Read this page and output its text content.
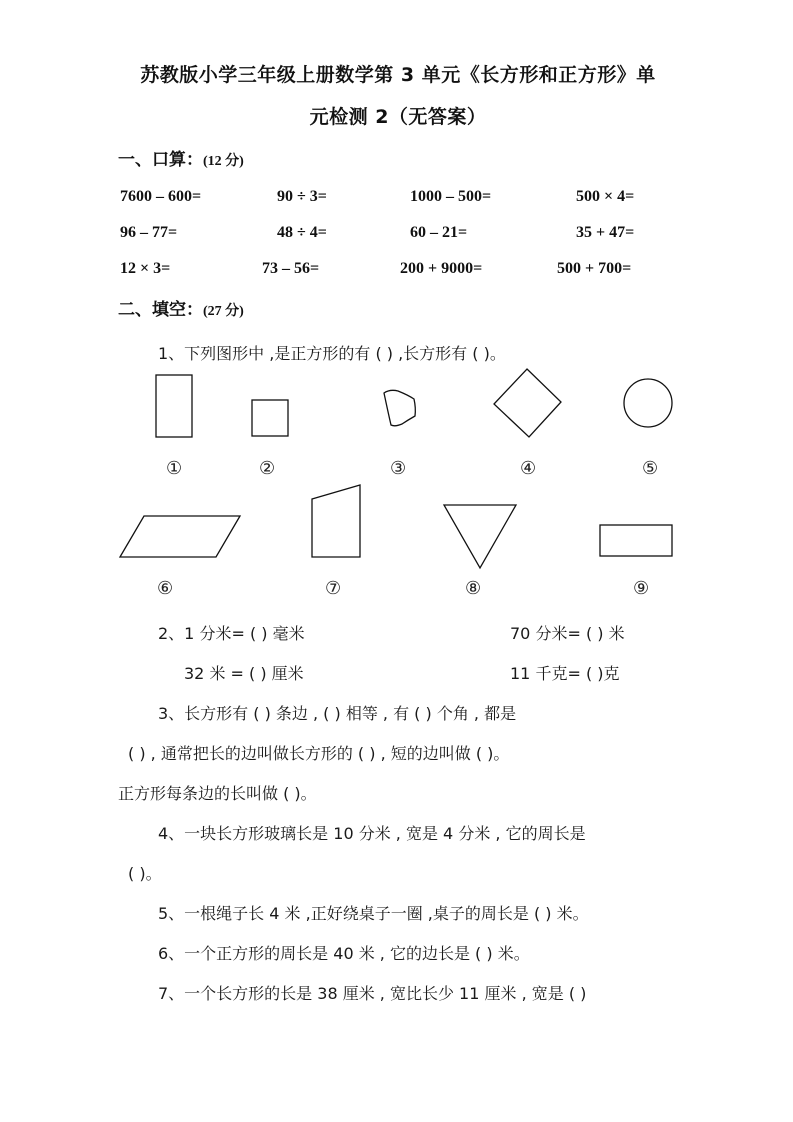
苏教版小学三年级上册数学第 3 单元《长方形和正方形》单
元检测 2（无答案）
一、口算：(12 分)
7600 – 600=	90 ÷ 3=	1000 – 500=	500 × 4=
96 – 77=	48 ÷ 4=	60 – 21=	35 + 47=
12 × 3=	73 – 56=	200 + 9000=	500 + 700=
二、填空：(27 分)
1、下列图形中 ,是正方形的有 ( ) ,长方形有 ( )。
①	②	③	④	⑤
⑥	⑦	⑧	⑨
2、1 分米= ( ) 毫米	70 分米= ( ) 米
32 米 = ( ) 厘米	11 千克= ( )克
3、长方形有 ( ) 条边 , ( ) 相等 , 有 ( ) 个角 , 都是
( ) , 通常把长的边叫做长方形的 ( ) , 短的边叫做 ( )。
正方形每条边的长叫做 ( )。
4、一块长方形玻璃长是 10 分米 , 宽是 4 分米 , 它的周长是
( )。
5、一根绳子长 4 米 ,正好绕桌子一圈 ,桌子的周长是 ( ) 米。
6、一个正方形的周长是 40 米 , 它的边长是 ( ) 米。
7、一个长方形的长是 38 厘米 , 宽比长少 11 厘米 , 宽是 ( )
